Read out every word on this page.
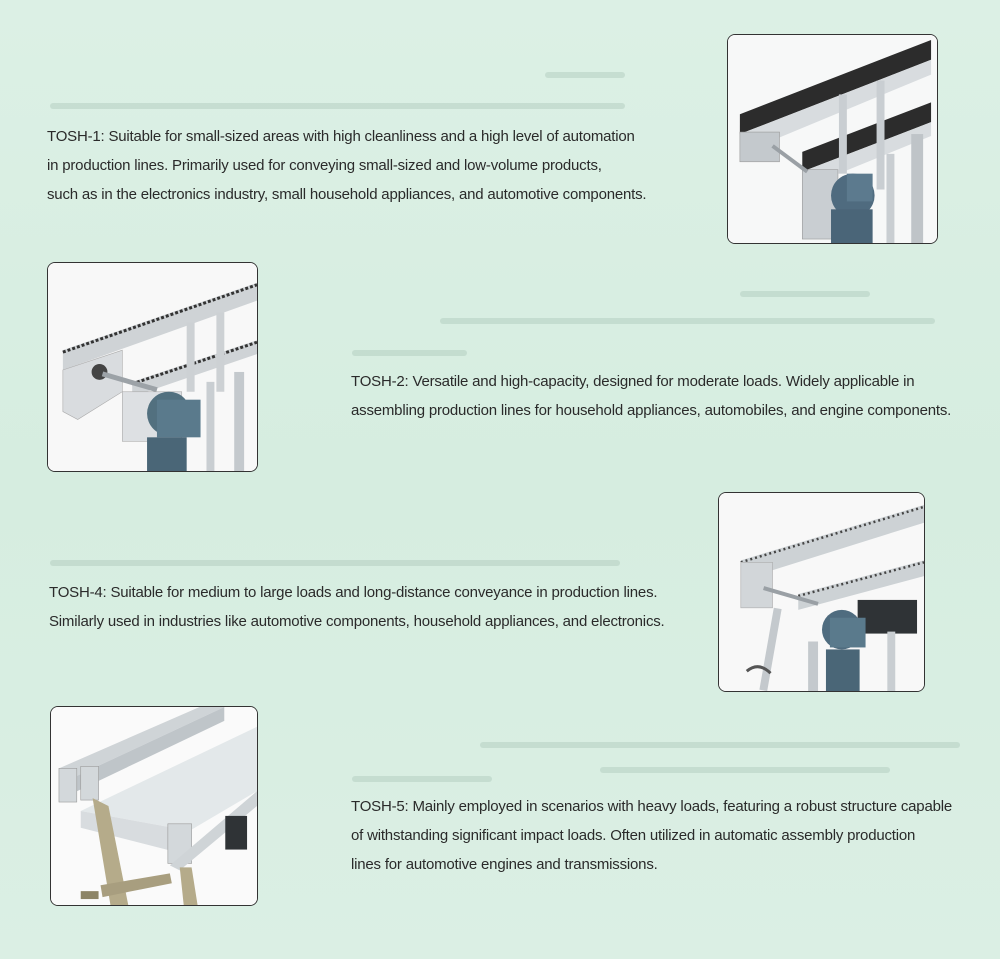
TOSH-1: Suitable for small-sized areas with high cleanliness and a high level of automation

in production lines. Primarily used for conveying small-sized and low-volume products,

such as in the electronics industry, small household appliances, and automotive components.

TOSH-2: Versatile and high-capacity, designed for moderate loads. Widely applicable in

assembling production lines for household appliances, automobiles, and engine components.

TOSH-4: Suitable for medium to large loads and long-distance conveyance in production lines.

Similarly used in industries like automotive components, household appliances, and electronics.

TOSH-5: Mainly employed in scenarios with heavy loads, featuring a robust structure capable

of withstanding significant impact loads. Often utilized in automatic assembly production

lines for automotive engines and transmissions.
